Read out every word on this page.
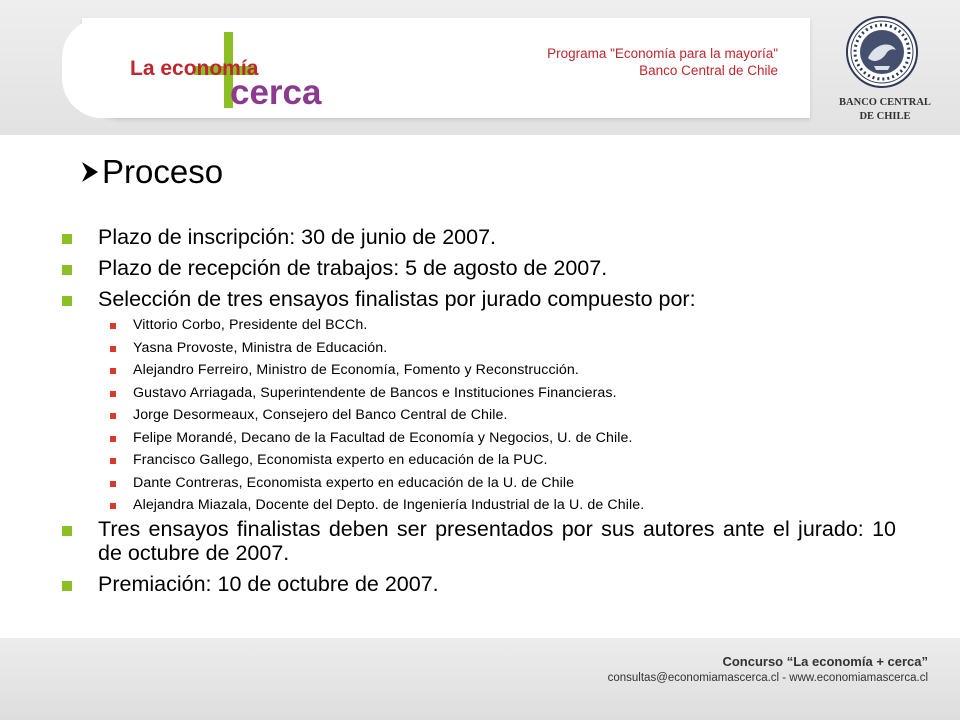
La economía
cerca
Programa "Economía para la mayoría"
Banco Central de Chile
BANCO CENTRAL
DE CHILE
Proceso
Plazo de inscripción: 30 de junio de 2007.
Plazo de recepción de trabajos: 5 de agosto de 2007.
Selección de tres ensayos finalistas por jurado compuesto por:
Vittorio Corbo, Presidente del BCCh.
Yasna Provoste, Ministra de Educación.
Alejandro Ferreiro, Ministro de Economía, Fomento y Reconstrucción.
Gustavo Arriagada, Superintendente de Bancos e Instituciones Financieras.
Jorge Desormeaux, Consejero del Banco Central de Chile.
Felipe Morandé, Decano de la Facultad de Economía y Negocios, U. de Chile.
Francisco Gallego, Economista experto en educación de la PUC.
Dante Contreras, Economista experto en educación de la U. de Chile
Alejandra Miazala, Docente del Depto. de Ingeniería Industrial de la U. de Chile.
Tres ensayos finalistas deben ser presentados por sus autores ante el jurado: 10 de octubre de 2007.
Premiación: 10 de octubre de 2007.
Concurso “La economía + cerca”
consultas@economiamascerca.cl - www.economiamascerca.cl
